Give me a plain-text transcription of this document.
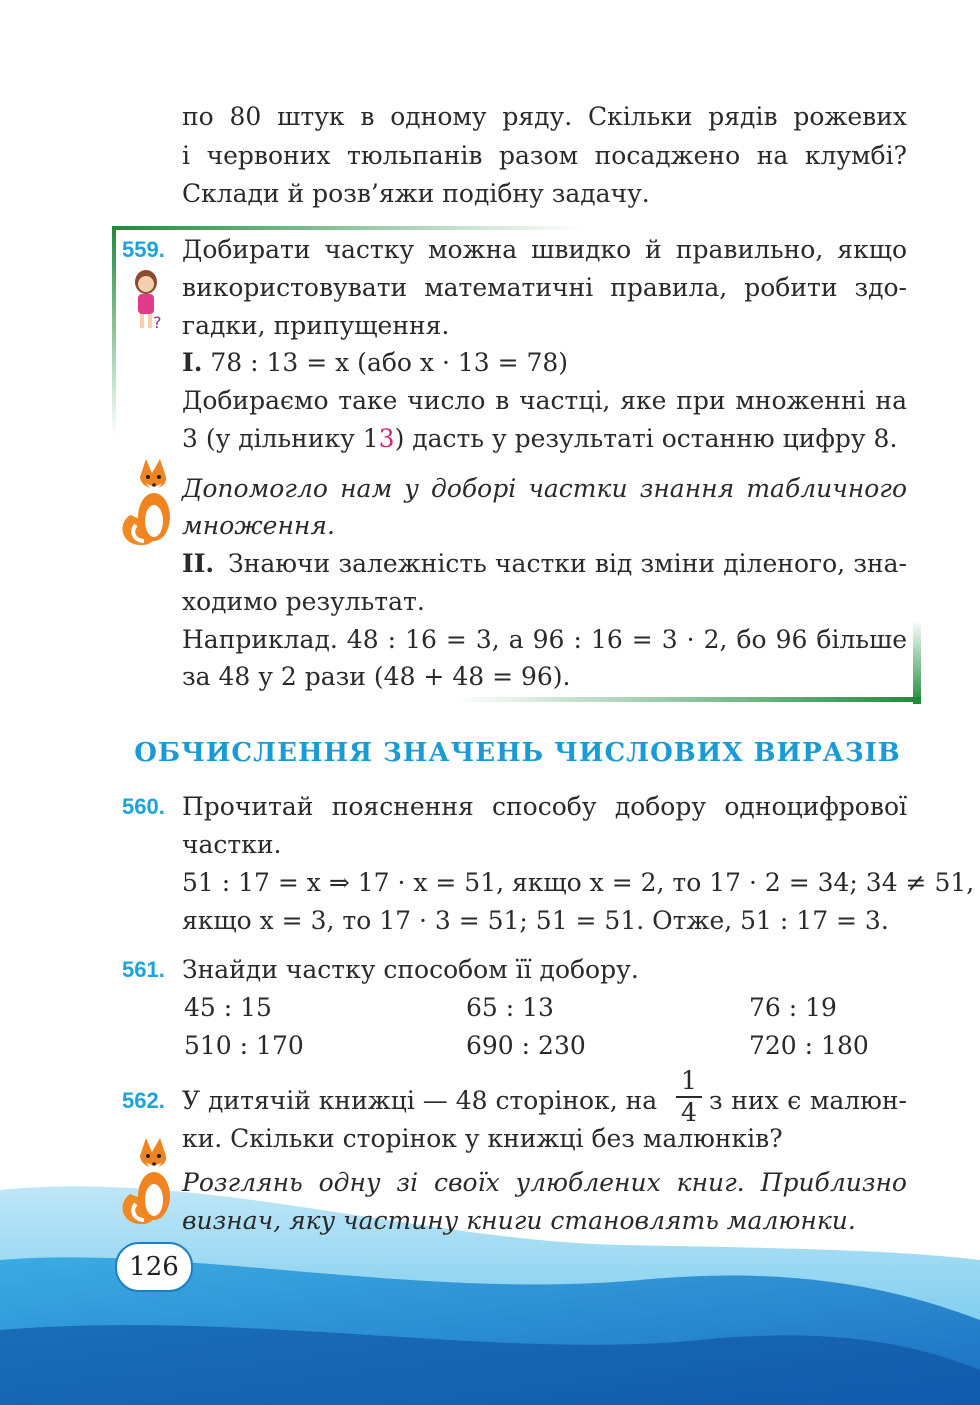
по 80 штук в одному ряду. Скільки рядів рожевих
і червоних тюльпанів разом посаджено на клумбі?
Склади й розв’яжи подібну задачу.
559. Добирати частку можна швидко й правильно, якщо
використовувати математичні правила, робити здо-
гадки, припущення.
I. 78 : 13 = x (або x · 13 = 78)
Добираємо таке число в частці, яке при множенні на
3 (у дільнику 13) дасть у результаті останню цифру 8.
?
Допомогло нам у доборі частки знання табличного
множення.
II. Знаючи залежність частки від зміни діленого, зна-
ходимо результат.
Наприклад. 48 : 16 = 3, а 96 : 16 = 3 · 2, бо 96 більше
за 48 у 2 рази (48 + 48 = 96).
ОБЧИСЛЕННЯ ЗНАЧЕНЬ ЧИСЛОВИХ ВИРАЗІВ
560. Прочитай пояснення способу добору одноцифрової
частки.
51 : 17 = x ⇒ 17 · x = 51, якщо x = 2, то 17 · 2 = 34; 34 ≠ 51,
якщо x = 3, то 17 · 3 = 51; 51 = 51. Отже, 51 : 17 = 3.
561. Знайди частку способом її добору.
45 : 15	65 : 13	76 : 19
510 : 170	690 : 230	720 : 180
562. У дитячій книжці — 48 сторінок, на
1
4 з них є малюн-
ки. Скільки сторінок у книжці без малюнків?
Розглянь одну зі своїх улюблених книг. Приблизно
визнач, яку частину книги становлять малюнки.
126
